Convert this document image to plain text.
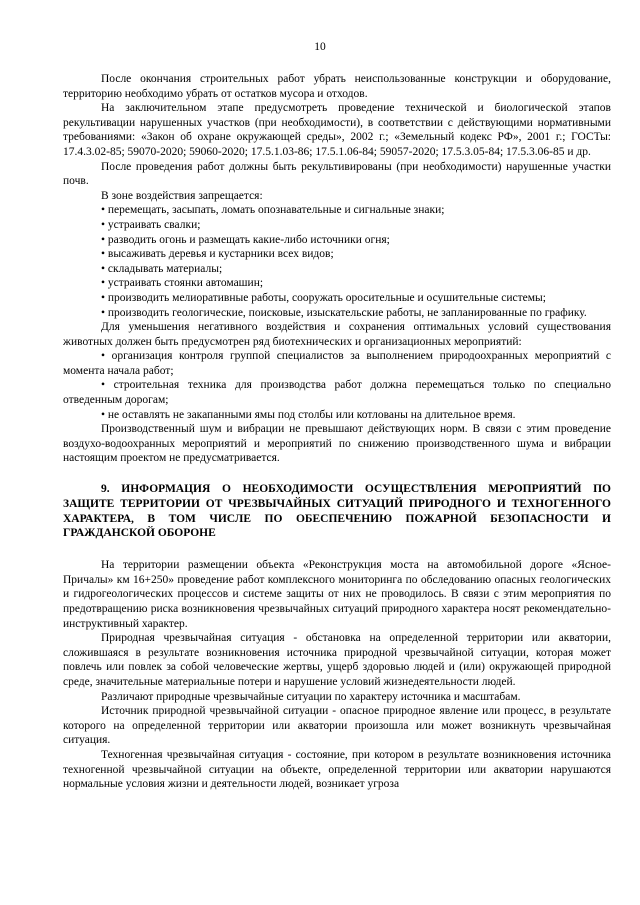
10

После окончания строительных работ убрать неиспользованные конструкции и оборудование, территорию необходимо убрать от остатков мусора и отходов.

На заключительном этапе предусмотреть проведение технической и биологической этапов рекультивации нарушенных участков (при необходимости), в соответствии с действующими нормативными требованиями: «Закон об охране окружающей среды», 2002 г.; «Земельный кодекс РФ», 2001 г.; ГОСТы: 17.4.3.02-85; 59070-2020; 59060-2020; 17.5.1.03-86; 17.5.1.06-84; 59057-2020; 17.5.3.05-84; 17.5.3.06-85 и др.

После проведения работ должны быть рекультивированы (при необходимости) нарушенные участки почв.

В зоне воздействия запрещается:

• перемещать, засыпать, ломать опознавательные и сигнальные знаки;

• устраивать свалки;

• разводить огонь и размещать какие-либо источники огня;

• высаживать деревья и кустарники всех видов;

• складывать материалы;

• устраивать стоянки автомашин;

• производить мелиоративные работы, сооружать оросительные и осушительные системы;

• производить геологические, поисковые, изыскательские работы, не запланированные по графику.

Для уменьшения негативного воздействия и сохранения оптимальных условий существования животных должен быть предусмотрен ряд биотехнических и организационных мероприятий:

• организация контроля группой специалистов за выполнением природоохранных мероприятий с момента начала работ;

• строительная техника для производства работ должна перемещаться только по специально отведенным дорогам;

• не оставлять не закапанными ямы под столбы или котлованы на длительное время.

Производственный шум и вибрации не превышают действующих норм. В связи с этим проведение воздухо-водоохранных мероприятий и мероприятий по снижению производственного шума и вибрации настоящим проектом не предусматривается.

9. ИНФОРМАЦИЯ О НЕОБХОДИМОСТИ ОСУЩЕСТВЛЕНИЯ МЕРОПРИЯТИЙ ПО ЗАЩИТЕ ТЕРРИТОРИИ ОТ ЧРЕЗВЫЧАЙНЫХ СИТУАЦИЙ ПРИРОДНОГО И ТЕХНОГЕННОГО ХАРАКТЕРА, В ТОМ ЧИСЛЕ ПО ОБЕСПЕЧЕНИЮ ПОЖАРНОЙ БЕЗОПАСНОСТИ И ГРАЖДАНСКОЙ ОБОРОНЕ

На территории размещении объекта «Реконструкция моста на автомобильной дороге «Ясное-Причалы» км 16+250» проведение работ комплексного мониторинга по обследованию опасных геологических и гидрогеологических процессов и системе защиты от них не проводилось. В связи с этим мероприятия по предотвращению риска возникновения чрезвычайных ситуаций природного характера носят рекомендательно-инструктивный характер.

Природная чрезвычайная ситуация - обстановка на определенной территории или акватории, сложившаяся в результате возникновения источника природной чрезвычайной ситуации, которая может повлечь или повлек за собой человеческие жертвы, ущерб здоровью людей и (или) окружающей природной среде, значительные материальные потери и нарушение условий жизнедеятельности людей.

Различают природные чрезвычайные ситуации по характеру источника и масштабам.

Источник природной чрезвычайной ситуации - опасное природное явление или процесс, в результате которого на определенной территории или акватории произошла или может возникнуть чрезвычайная ситуация.

Техногенная чрезвычайная ситуация - состояние, при котором в результате возникновения источника техногенной чрезвычайной ситуации на объекте, определенной территории или акватории нарушаются нормальные условия жизни и деятельности людей, возникает угроза
